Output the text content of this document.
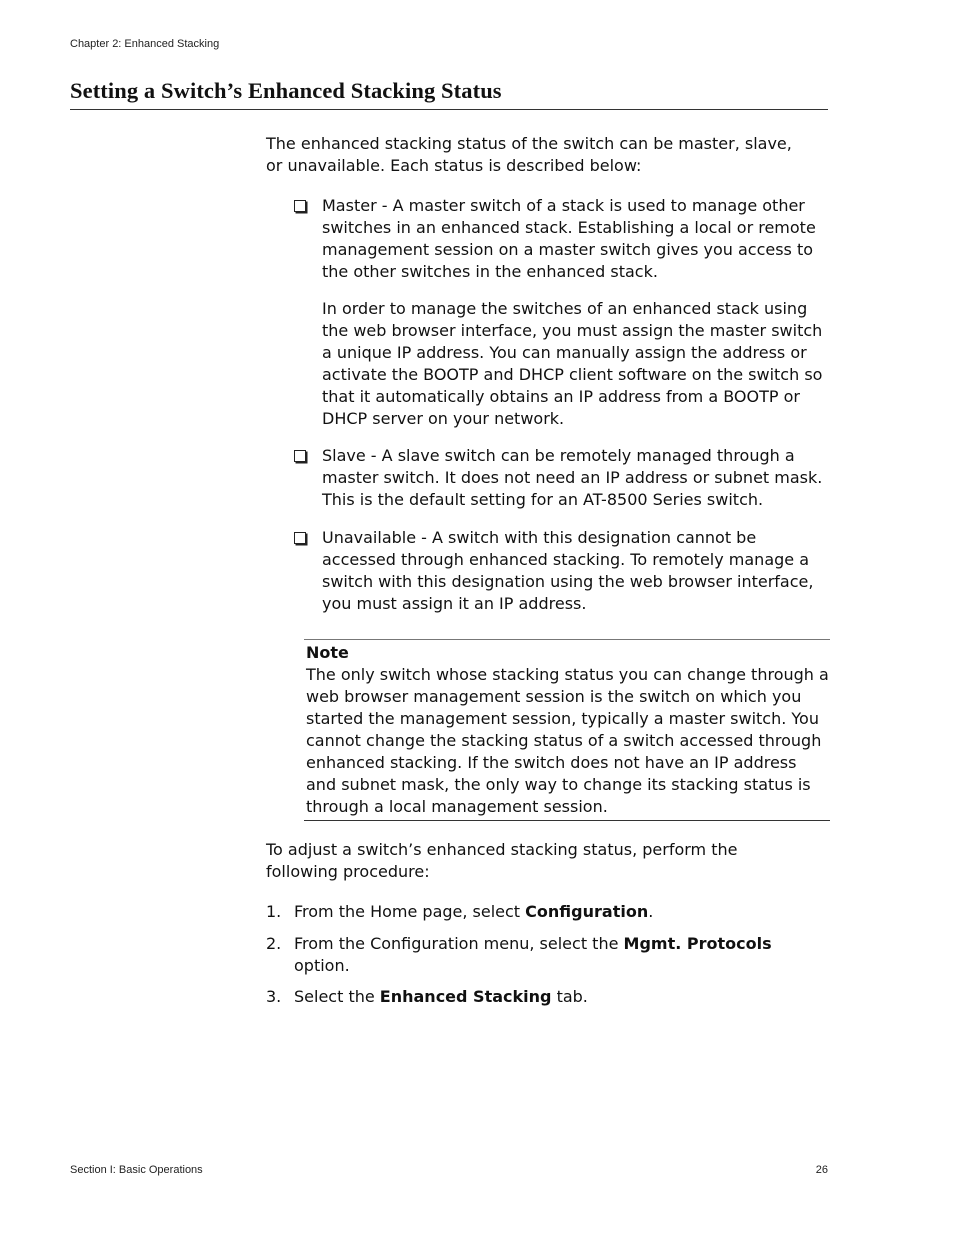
Chapter 2: Enhanced Stacking
Setting a Switch’s Enhanced Stacking Status

The enhanced stacking status of the switch can be master, slave, or unavailable. Each status is described below:

Master - A master switch of a stack is used to manage other switches in an enhanced stack. Establishing a local or remote management session on a master switch gives you access to the other switches in the enhanced stack.

In order to manage the switches of an enhanced stack using the web browser interface, you must assign the master switch a unique IP address. You can manually assign the address or activate the BOOTP and DHCP client software on the switch so that it automatically obtains an IP address from a BOOTP or DHCP server on your network.

Slave - A slave switch can be remotely managed through a master switch. It does not need an IP address or subnet mask. This is the default setting for an AT-8500 Series switch.

Unavailable - A switch with this designation cannot be accessed through enhanced stacking. To remotely manage a switch with this designation using the web browser interface, you must assign it an IP address.

Note

The only switch whose stacking status you can change through a web browser management session is the switch on which you started the management session, typically a master switch. You cannot change the stacking status of a switch accessed through enhanced stacking. If the switch does not have an IP address and subnet mask, the only way to change its stacking status is through a local management session.

To adjust a switch’s enhanced stacking status, perform the following procedure:

1. From the Home page, select Configuration.
2. From the Configuration menu, select the Mgmt. Protocols option.
3. Select the Enhanced Stacking tab.
Section I: Basic Operations	26
